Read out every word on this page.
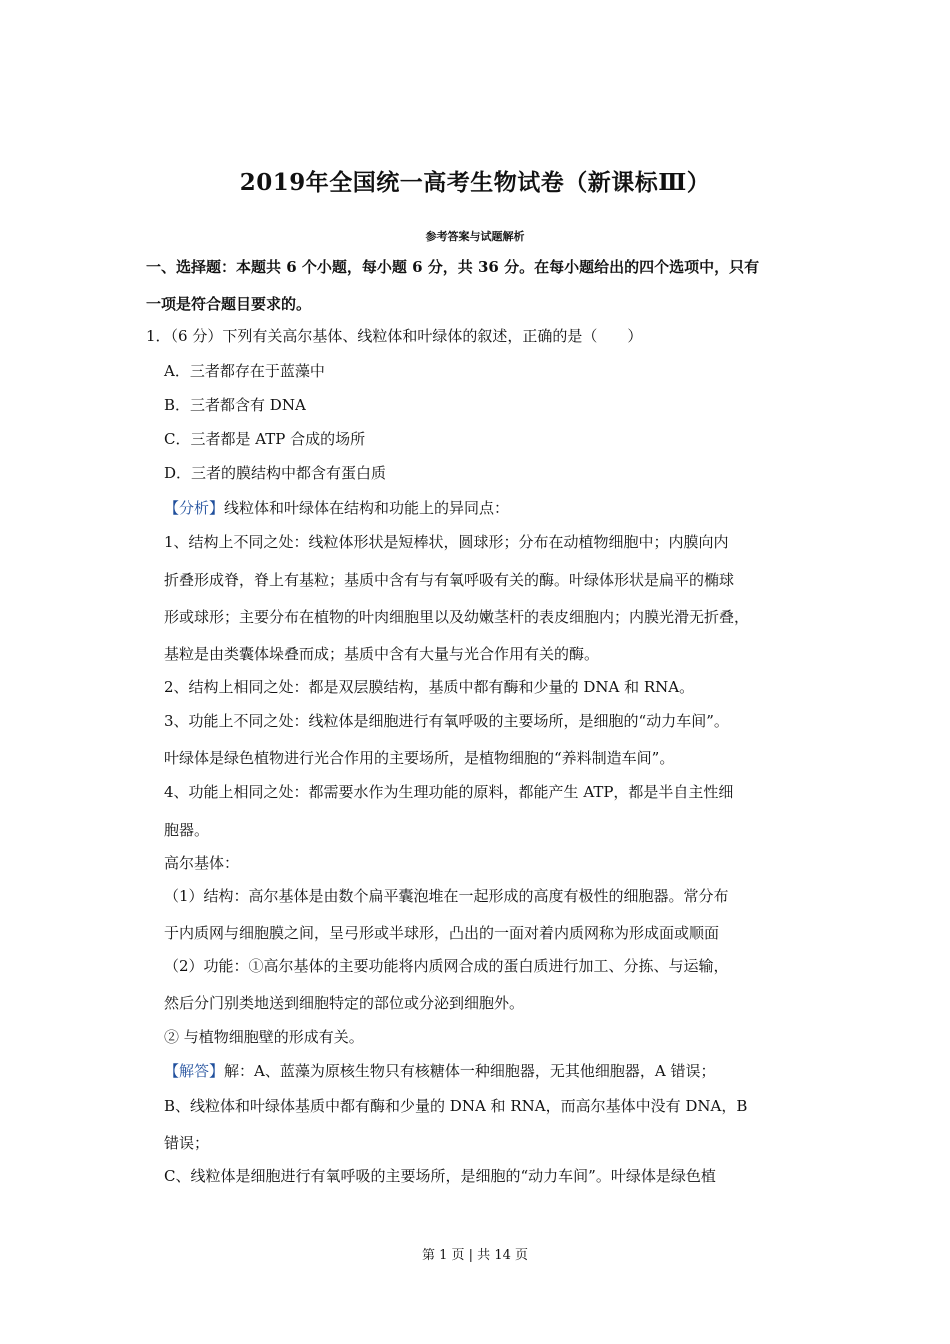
2019年全国统一高考生物试卷（新课标Ⅲ）
参考答案与试题解析
一、选择题：本题共 6 个小题，每小题 6 分，共 36 分。在每小题给出的四个选项中，只有
一项是符合题目要求的。
1．（6 分）下列有关高尔基体、线粒体和叶绿体的叙述，正确的是（　　）
A．三者都存在于蓝藻中
B．三者都含有 DNA
C．三者都是 ATP 合成的场所
D．三者的膜结构中都含有蛋白质
【分析】线粒体和叶绿体在结构和功能上的异同点：
1、结构上不同之处：线粒体形状是短棒状，圆球形；分布在动植物细胞中；内膜向内
折叠形成脊，脊上有基粒；基质中含有与有氧呼吸有关的酶。叶绿体形状是扁平的椭球
形或球形；主要分布在植物的叶肉细胞里以及幼嫩茎杆的表皮细胞内；内膜光滑无折叠，
基粒是由类囊体垛叠而成；基质中含有大量与光合作用有关的酶。
2、结构上相同之处：都是双层膜结构，基质中都有酶和少量的 DNA 和 RNA。
3、功能上不同之处：线粒体是细胞进行有氧呼吸的主要场所，是细胞的“动力车间”。
叶绿体是绿色植物进行光合作用的主要场所，是植物细胞的“养料制造车间”。
4、功能上相同之处：都需要水作为生理功能的原料，都能产生 ATP，都是半自主性细
胞器。
高尔基体：
（1）结构：高尔基体是由数个扁平囊泡堆在一起形成的高度有极性的细胞器。常分布
于内质网与细胞膜之间，呈弓形或半球形，凸出的一面对着内质网称为形成面或顺面
（2）功能：①高尔基体的主要功能将内质网合成的蛋白质进行加工、分拣、与运输，
然后分门别类地送到细胞特定的部位或分泌到细胞外。
② 与植物细胞壁的形成有关。
【解答】解：A、蓝藻为原核生物只有核糖体一种细胞器，无其他细胞器，A 错误；
B、线粒体和叶绿体基质中都有酶和少量的 DNA 和 RNA，而高尔基体中没有 DNA，B
错误；
C、线粒体是细胞进行有氧呼吸的主要场所，是细胞的“动力车间”。叶绿体是绿色植
第 1 页 | 共 14 页
